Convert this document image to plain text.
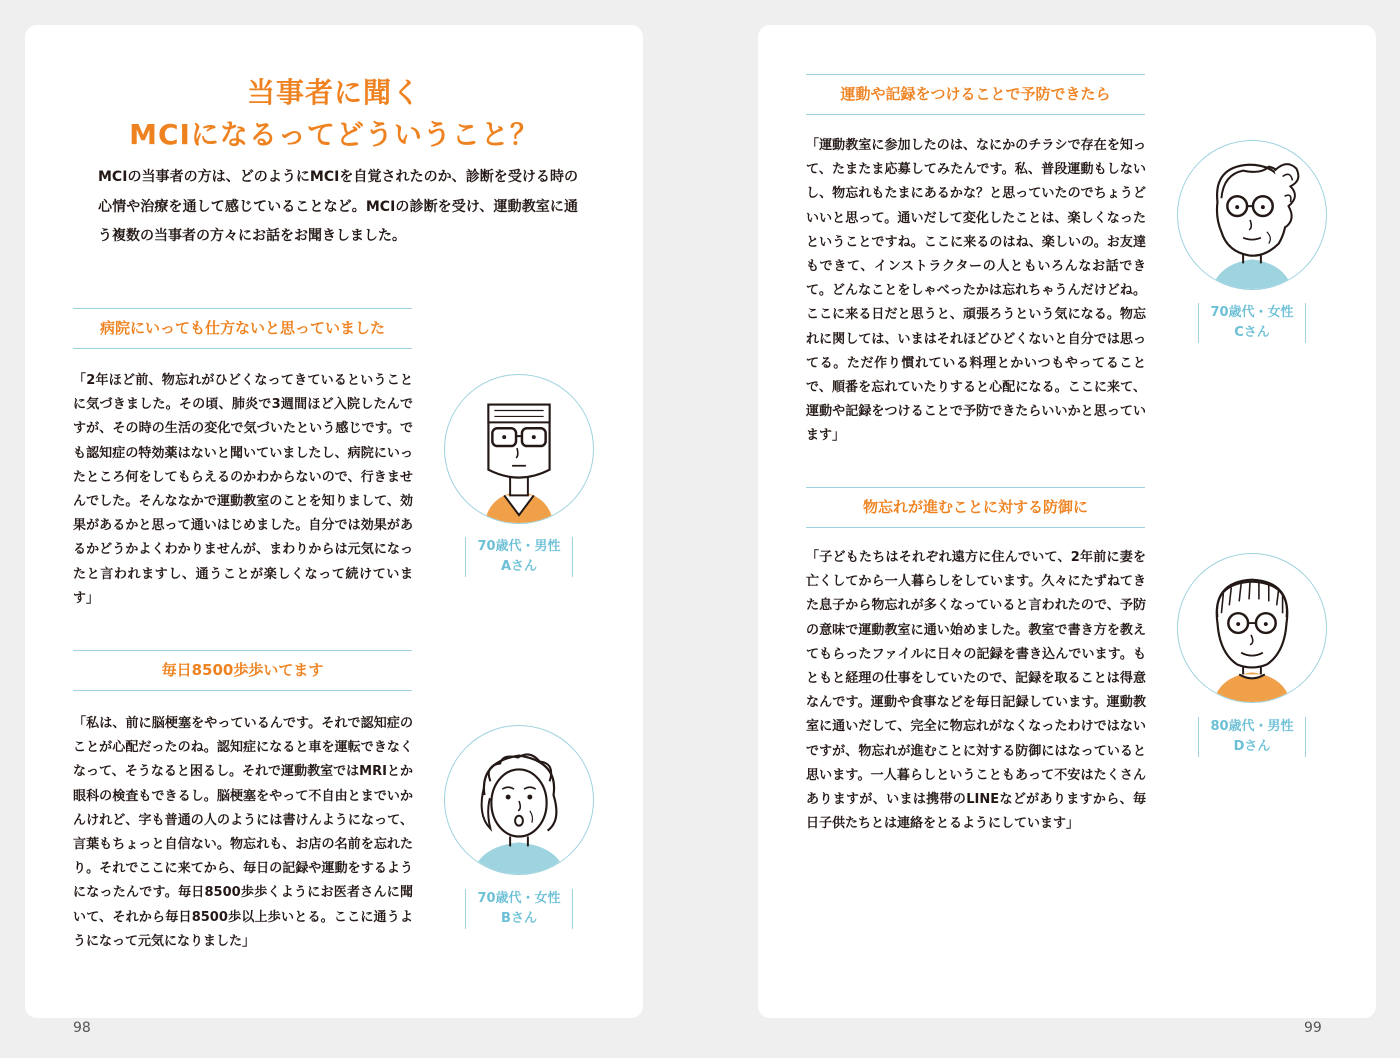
当事者に聞く
MCIになるってどういうこと？

MCIの当事者の方は、どのようにMCIを自覚されたのか、診断を受ける時の心情や治療を通して感じていることなど。MCIの診断を受け、運動教室に通う複数の当事者の方々にお話をお聞きしました。

病院にいっても仕方ないと思っていました

「2年ほど前、物忘れがひどくなってきているということに気づきました。その頃、肺炎で3週間ほど入院したんですが、その時の生活の変化で気づいたという感じです。でも認知症の特効薬はないと聞いていましたし、病院にいったところ何をしてもらえるのかわからないので、行きませんでした。そんななかで運動教室のことを知りまして、効果があるかと思って通いはじめました。自分では効果があるかどうかよくわかりませんが、まわりからは元気になったと言われますし、通うことが楽しくなって続けています」

70歳代・男性
Aさん
毎日8500歩歩いてます

「私は、前に脳梗塞をやっているんです。それで認知症のことが心配だったのね。認知症になると車を運転できなくなって、そうなると困るし。それで運動教室ではMRIとか眼科の検査もできるし。脳梗塞をやって不自由とまでいかんけれど、字も普通の人のようには書けんようになって、言葉もちょっと自信ない。物忘れも、お店の名前を忘れたり。それでここに来てから、毎日の記録や運動をするようになったんです。毎日8500歩歩くようにお医者さんに聞いて、それから毎日8500歩以上歩いとる。ここに通うようになって元気になりました」

70歳代・女性
Bさん
運動や記録をつけることで予防できたら

「運動教室に参加したのは、なにかのチラシで存在を知って、たまたま応募してみたんです。私、普段運動もしないし、物忘れもたまにあるかな？と思っていたのでちょうどいいと思って。通いだして変化したことは、楽しくなったということですね。ここに来るのはね、楽しいの。お友達もできて、インストラクターの人ともいろんなお話できて。どんなことをしゃべったかは忘れちゃうんだけどね。ここに来る日だと思うと、頑張ろうという気になる。物忘れに関しては、いまはそれほどひどくないと自分では思ってる。ただ作り慣れている料理とかいつもやってることで、順番を忘れていたりすると心配になる。ここに来て、運動や記録をつけることで予防できたらいいかと思っています」

70歳代・女性
Cさん
物忘れが進むことに対する防御に

「子どもたちはそれぞれ遠方に住んでいて、2年前に妻を亡くしてから一人暮らしをしています。久々にたずねてきた息子から物忘れが多くなっていると言われたので、予防の意味で運動教室に通い始めました。教室で書き方を教えてもらったファイルに日々の記録を書き込んでいます。もともと経理の仕事をしていたので、記録を取ることは得意なんです。運動や食事などを毎日記録しています。運動教室に通いだして、完全に物忘れがなくなったわけではないですが、物忘れが進むことに対する防御にはなっていると思います。一人暮らしということもあって不安はたくさんありますが、いまは携帯のLINEなどがありますから、毎日子供たちとは連絡をとるようにしています」

80歳代・男性
Dさん
98	99
